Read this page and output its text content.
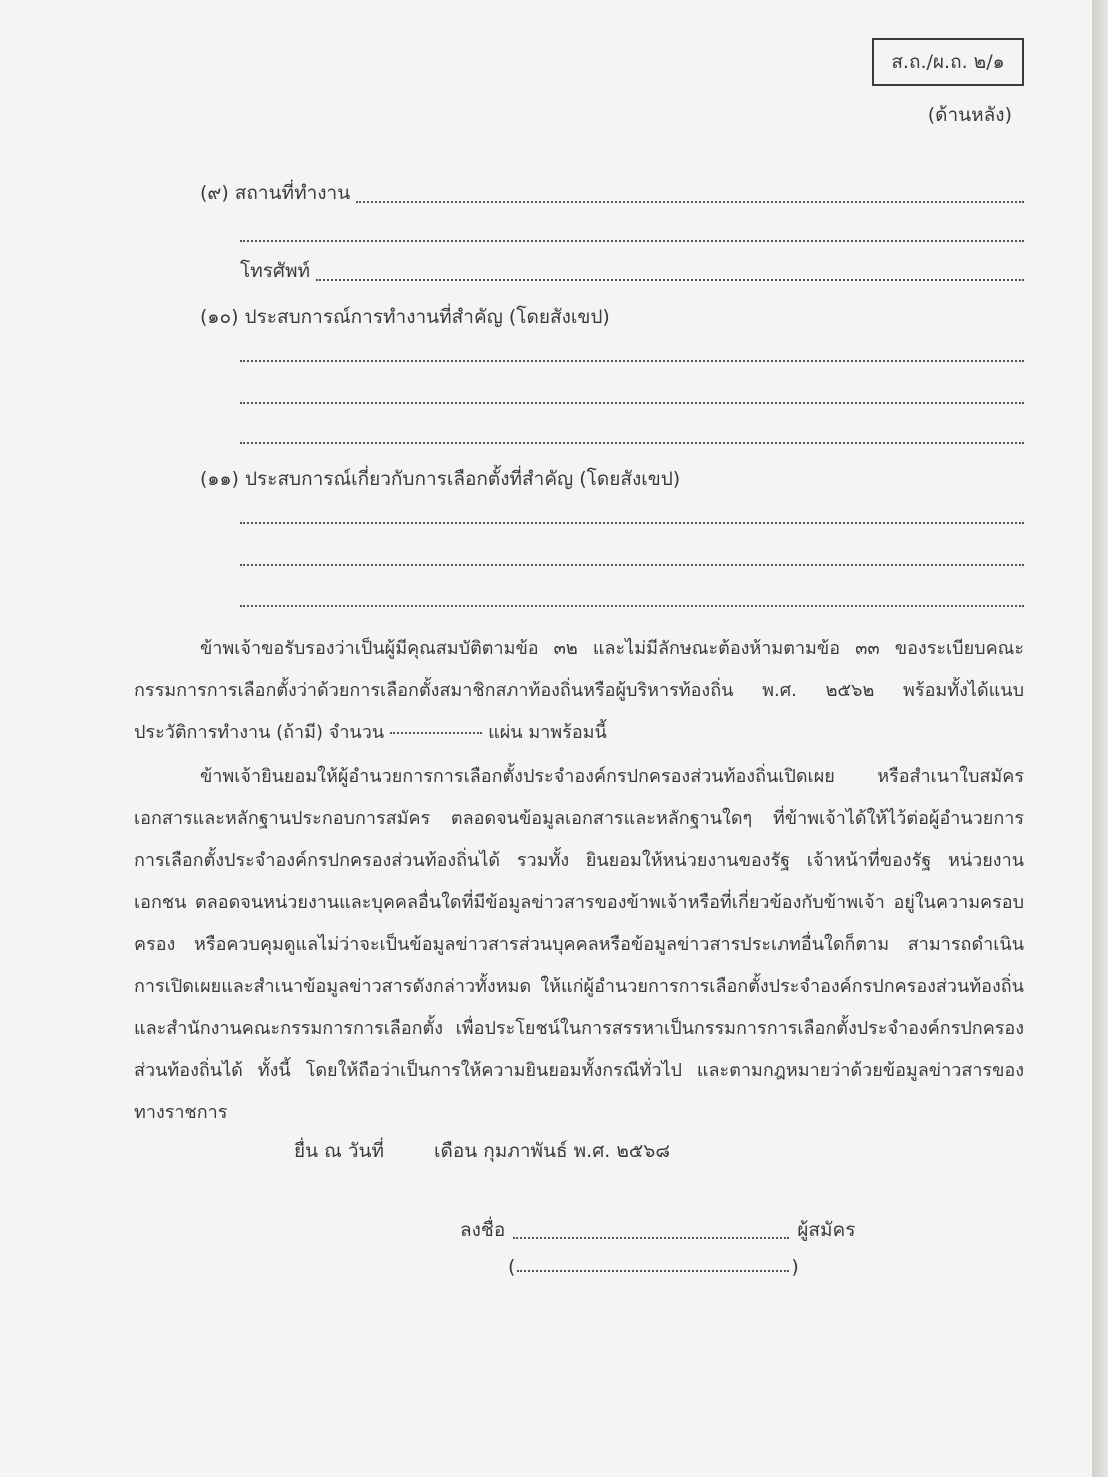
ส.ถ./ผ.ถ. ๒/๑
(ด้านหลัง)
(๙) สถานที่ทำงาน
โทรศัพท์
(๑๐) ประสบการณ์การทำงานที่สำคัญ (โดยสังเขป)
(๑๑) ประสบการณ์เกี่ยวกับการเลือกตั้งที่สำคัญ (โดยสังเขป)
ข้าพเจ้าขอรับรองว่าเป็นผู้มีคุณสมบัติตามข้อ ๓๒ และไม่มีลักษณะต้องห้ามตามข้อ ๓๓ ของระเบียบคณะกรรมการการเลือกตั้งว่าด้วยการเลือกตั้งสมาชิกสภาท้องถิ่นหรือผู้บริหารท้องถิ่น พ.ศ. ๒๕๖๒ พร้อมทั้งได้แนบประวัติการทำงาน (ถ้ามี) จำนวน	แผ่น มาพร้อมนี้
ข้าพเจ้ายินยอมให้ผู้อำนวยการการเลือกตั้งประจำองค์กรปกครองส่วนท้องถิ่นเปิดเผย หรือสำเนาใบสมัคร เอกสารและหลักฐานประกอบการสมัคร ตลอดจนข้อมูลเอกสารและหลักฐานใดๆ ที่ข้าพเจ้าได้ให้ไว้ต่อผู้อำนวยการการเลือกตั้งประจำองค์กรปกครองส่วนท้องถิ่นได้ รวมทั้ง ยินยอมให้หน่วยงานของรัฐ เจ้าหน้าที่ของรัฐ หน่วยงานเอกชน ตลอดจนหน่วยงานและบุคคลอื่นใดที่มีข้อมูลข่าวสารของข้าพเจ้าหรือที่เกี่ยวข้องกับข้าพเจ้า อยู่ในความครอบครอง หรือควบคุมดูแลไม่ว่าจะเป็นข้อมูลข่าวสารส่วนบุคคลหรือข้อมูลข่าวสารประเภทอื่นใดก็ตาม สามารถดำเนินการเปิดเผยและสำเนาข้อมูลข่าวสารดังกล่าวทั้งหมด ให้แก่ผู้อำนวยการการเลือกตั้งประจำองค์กรปกครองส่วนท้องถิ่น และสำนักงานคณะกรรมการการเลือกตั้ง เพื่อประโยชน์ในการสรรหาเป็นกรรมการการเลือกตั้งประจำองค์กรปกครองส่วนท้องถิ่นได้ ทั้งนี้ โดยให้ถือว่าเป็นการให้ความยินยอมทั้งกรณีทั่วไป และตามกฎหมายว่าด้วยข้อมูลข่าวสารของทางราชการ
ยื่น ณ วันที่	เดือน กุมภาพันธ์ พ.ศ. ๒๕๖๘
ลงชื่อ	ผู้สมัคร
(	)
